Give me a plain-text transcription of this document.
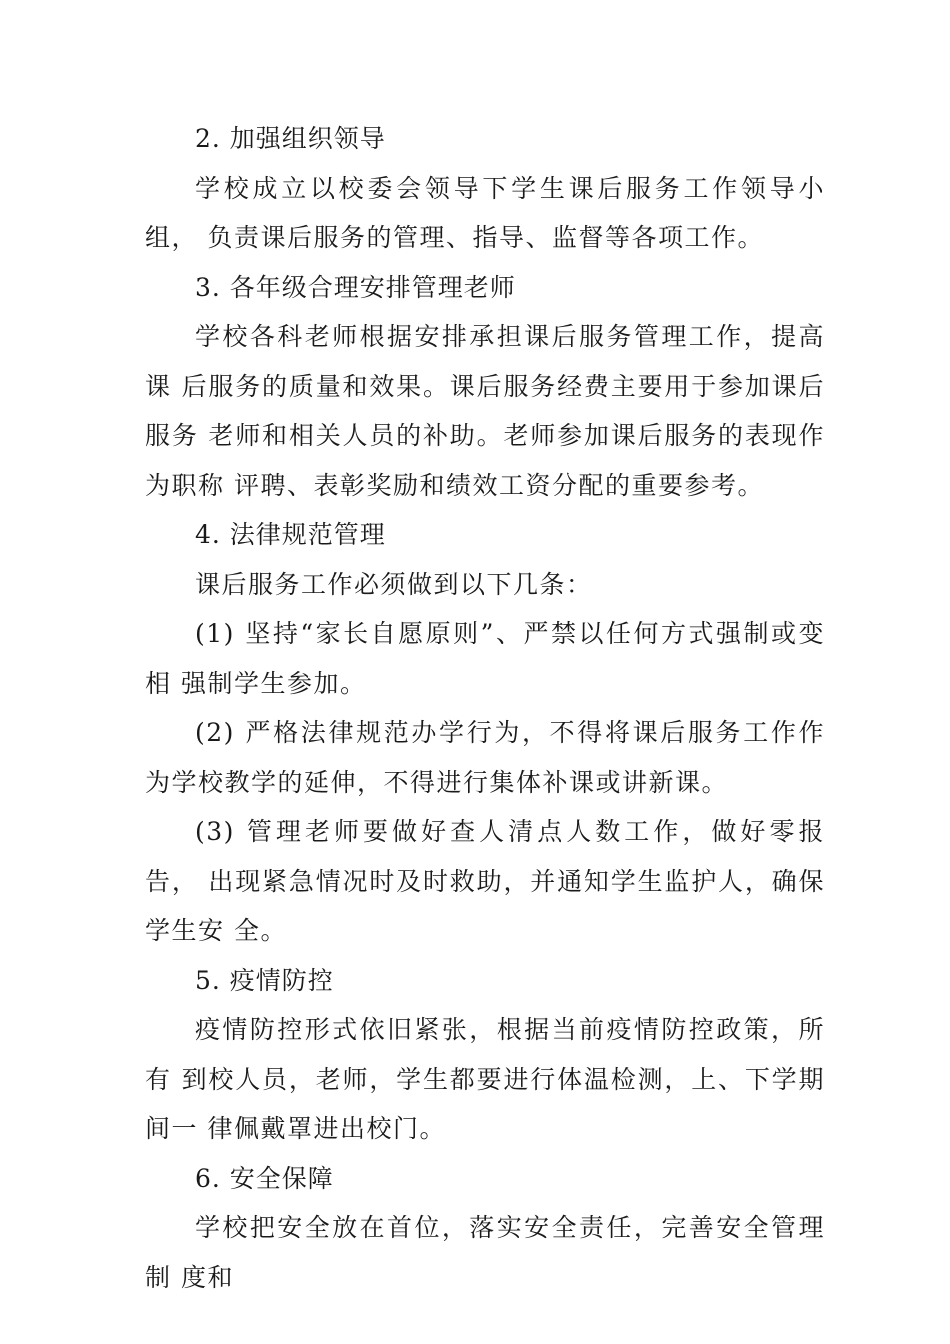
2. 加强组织领导

学校成立以校委会领导下学生课后服务工作领导小组， 负责课后服务的管理、指导、监督等各项工作。

3. 各年级合理安排管理老师

学校各科老师根据安排承担课后服务管理工作，提高课 后服务的质量和效果。课后服务经费主要用于参加课后服务 老师和相关人员的补助。老师参加课后服务的表现作为职称 评聘、表彰奖励和绩效工资分配的重要参考。

4. 法律规范管理

课后服务工作必须做到以下几条：

(1) 坚持“家长自愿原则”、严禁以任何方式强制或变相 强制学生参加。

(2) 严格法律规范办学行为，不得将课后服务工作作为学校教学的延伸，不得进行集体补课或讲新课。

(3) 管理老师要做好查人清点人数工作，做好零报告， 出现紧急情况时及时救助，并通知学生监护人，确保学生安 全。

5. 疫情防控

疫情防控形式依旧紧张，根据当前疫情防控政策，所有 到校人员，老师，学生都要进行体温检测，上、下学期间一 律佩戴罩进出校门。

6. 安全保障

学校把安全放在首位，落实安全责任，完善安全管理制 度和
